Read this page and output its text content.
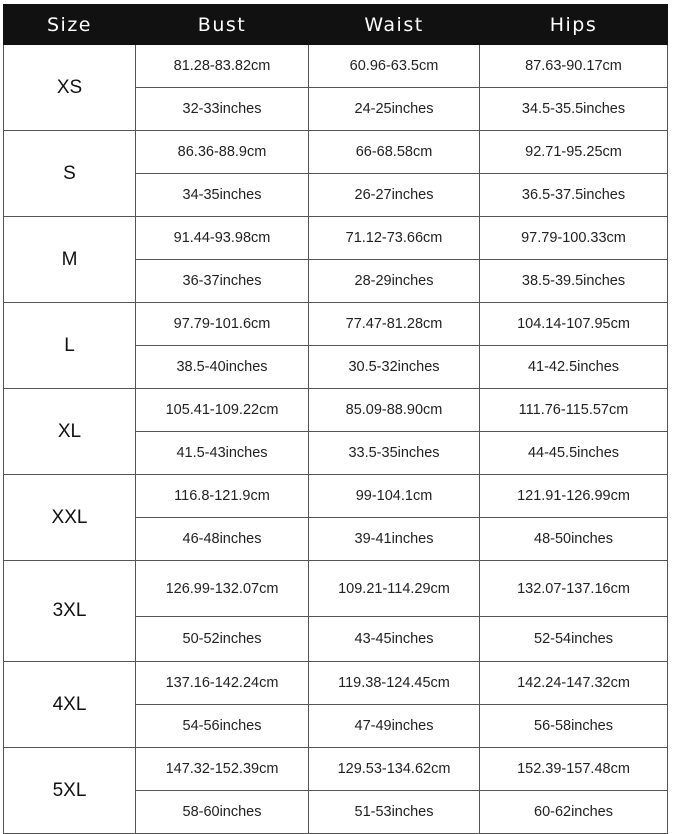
Size	Bust	Waist	Hips
XS	81.28-83.82cm	60.96-63.5cm	87.63-90.17cm
	32-33inches	24-25inches	34.5-35.5inches
S	86.36-88.9cm	66-68.58cm	92.71-95.25cm
	34-35inches	26-27inches	36.5-37.5inches
M	91.44-93.98cm	71.12-73.66cm	97.79-100.33cm
	36-37inches	28-29inches	38.5-39.5inches
L	97.79-101.6cm	77.47-81.28cm	104.14-107.95cm
	38.5-40inches	30.5-32inches	41-42.5inches
XL	105.41-109.22cm	85.09-88.90cm	111.76-115.57cm
	41.5-43inches	33.5-35inches	44-45.5inches
XXL	116.8-121.9cm	99-104.1cm	121.91-126.99cm
	46-48inches	39-41inches	48-50inches
3XL	126.99-132.07cm	109.21-114.29cm	132.07-137.16cm
	50-52inches	43-45inches	52-54inches
4XL	137.16-142.24cm	119.38-124.45cm	142.24-147.32cm
	54-56inches	47-49inches	56-58inches
5XL	147.32-152.39cm	129.53-134.62cm	152.39-157.48cm
	58-60inches	51-53inches	60-62inches
